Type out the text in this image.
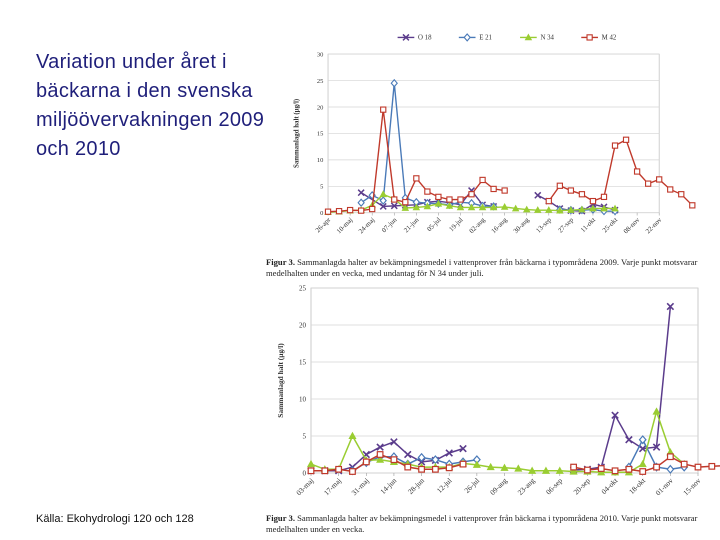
Variation under året i bäckarna i den svenska miljöövervakningen 2009 och 2010
0
5
10
15
20
25
30
26-apr 10-maj 24-maj 07-jun 21-jun 05-jul 19-jul 02-aug 16-aug 30-aug 13-sep 27-sep 11-okt 25-okt 08-nov 22-nov
Sammanlagd halt (µg/l)
O 18	E 21	N 34	M 42
Figur 3. Sammanlagda halter av bekämpningsmedel i vattenprover från bäckarna i typområdena 2009. Varje punkt motsvarar medelhalten under en vecka, med undantag för N 34 under juli.
0
5
10
15
20
25
03-maj 17-maj 31-maj 14-jun 28-jun 12-jul 26-jul 09-aug 23-aug 06-sep 20-sep 04-okt 18-okt 01-nov 15-nov
Sammanlagd halt (µg/l)
Figur 3. Sammanlagda halter av bekämpningsmedel i vattenprover från bäckarna i typområdena 2010. Varje punkt motsvarar medelhalten under en vecka.
Källa: Ekohydrologi 120 och 128
